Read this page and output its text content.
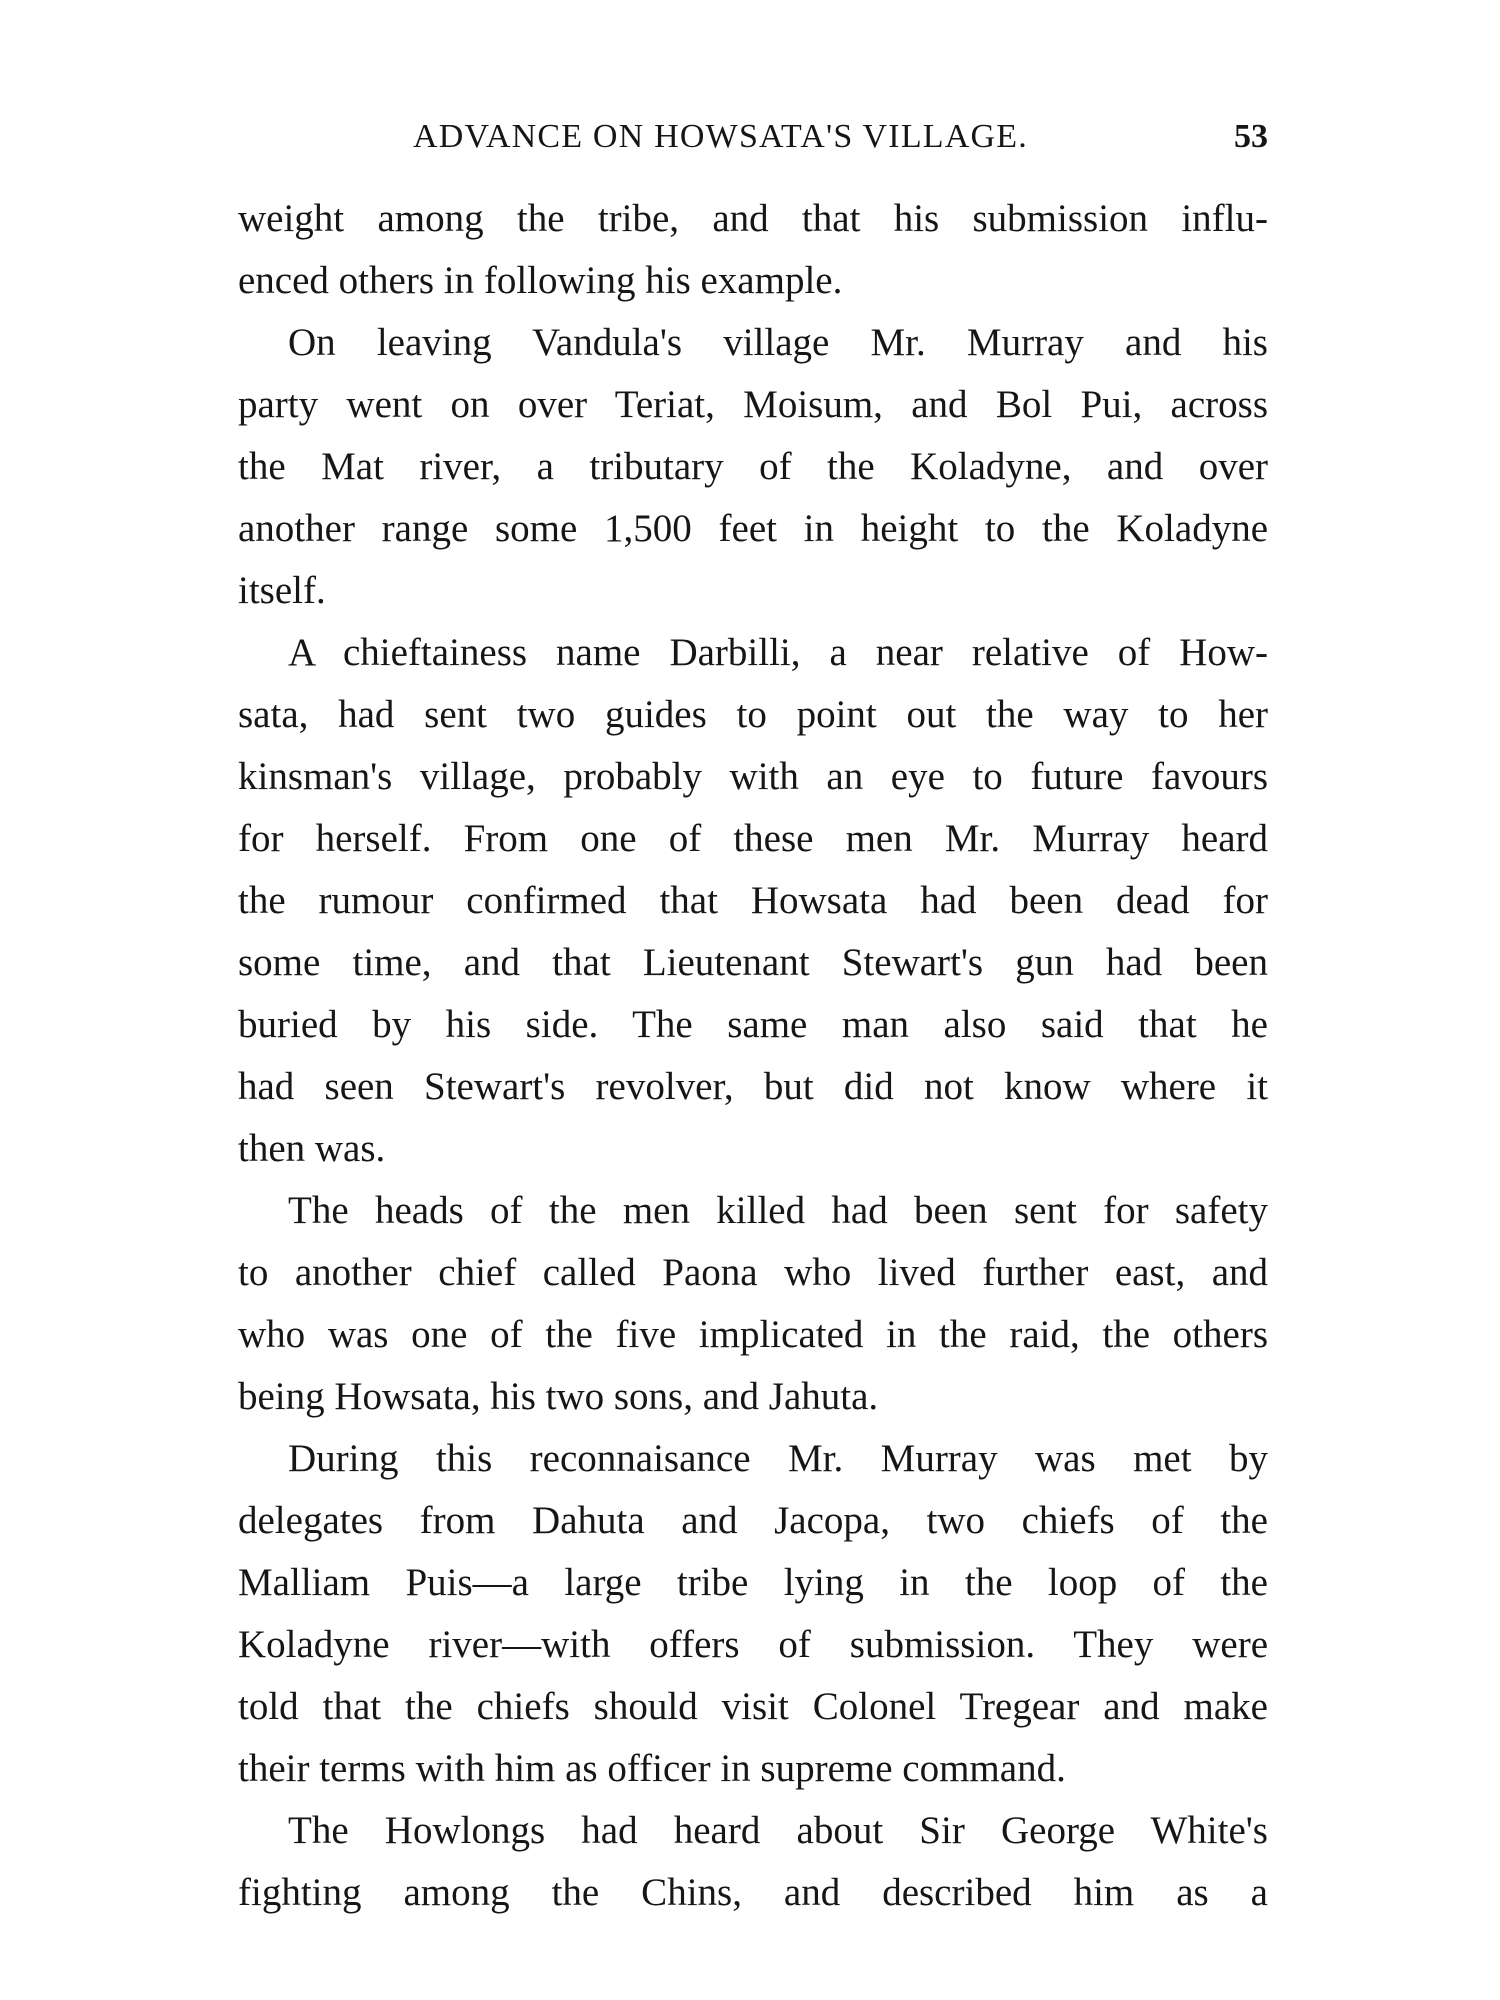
ADVANCE ON HOWSATA'S VILLAGE.	53
weight among the tribe, and that his submission influ-
enced others in following his example.
On leaving Vandula's village Mr. Murray and his
party went on over Teriat, Moisum, and Bol Pui, across
the Mat river, a tributary of the Koladyne, and over
another range some 1,500 feet in height to the Koladyne
itself.
A chieftainess name Darbilli, a near relative of How-
sata, had sent two guides to point out the way to her
kinsman's village, probably with an eye to future favours
for herself. From one of these men Mr. Murray heard
the rumour confirmed that Howsata had been dead for
some time, and that Lieutenant Stewart's gun had been
buried by his side. The same man also said that he
had seen Stewart's revolver, but did not know where it
then was.
The heads of the men killed had been sent for safety
to another chief called Paona who lived further east, and
who was one of the five implicated in the raid, the others
being Howsata, his two sons, and Jahuta.
During this reconnaisance Mr. Murray was met by
delegates from Dahuta and Jacopa, two chiefs of the
Malliam Puis—a large tribe lying in the loop of the
Koladyne river—with offers of submission. They were
told that the chiefs should visit Colonel Tregear and make
their terms with him as officer in supreme command.
The Howlongs had heard about Sir George White's
fighting among the Chins, and described him as a
